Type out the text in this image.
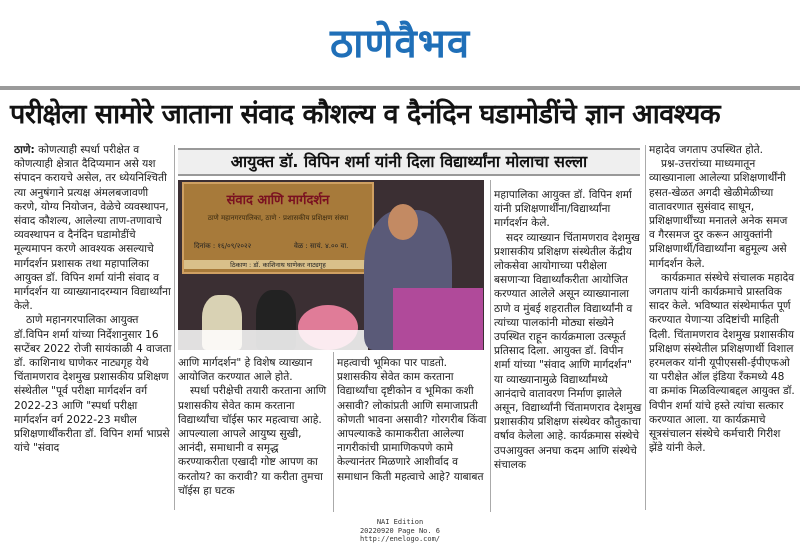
ठाणेवैभव
परीक्षेला सामोरे जाताना संवाद कौशल्य व दैनंदिन घडामोडींचे ज्ञान आवश्यक

ठाणे: कोणत्याही स्पर्धा परीक्षेत व कोणत्याही क्षेत्रात दैदिप्यमान असे यश संपादन करायचे असेल, तर ध्येयनिश्चिती त्या अनुषंगाने प्रत्यक्ष अंमलबजावणी करणे, योग्य नियोजन, वेळेचे व्यवस्थापन, संवाद कौशल्य, आलेल्या ताण-तणावाचे व्यवस्थापन व दैनंदिन घडामोडींचे मूल्यमापन करणे आवश्यक असल्याचे मार्गदर्शन प्रशासक तथा महापालिका आयुक्त डॉ. विपिन शर्मा यांनी संवाद व मार्गदर्शन या व्याख्यानादरम्यान विद्यार्थ्यांना केले.

ठाणे महानगरपालिका आयुक्त डॉ.विपिन शर्मा यांच्या निर्देशानुसार 16 सप्टेंबर 2022 रोजी सायंकाळी 4 वाजता डॉ. काशिनाथ घाणेकर नाट्यगृह येथे चिंतामणराव देशमुख प्रशासकीय प्रशिक्षण संस्थेतील "पूर्व परीक्षा मार्गदर्शन वर्ग 2022-23 आणि "स्पर्धा परीक्षा मार्गदर्शन वर्ग 2022-23 मधील प्रशिक्षणार्थींकरीता डॉ. विपिन शर्मा भाप्रसे यांचे "संवाद

आयुक्त डॉ. विपिन शर्मा यांनी दिला विद्यार्थ्यांना मोलाचा सल्ला
संवाद आणि मार्गदर्शन
ठाणे महानगरपालिका, ठाणे · प्रशासकीय प्रशिक्षण संस्था
दिनांक : १६/०९/२०२२	वेळ : सायं. ४.०० वा.
ठिकाण : डॉ. काशिनाथ घाणेकर नाट्यगृह

आणि मार्गदर्शन" हे विशेष व्याख्यान आयोजित करण्यात आले होते.

स्पर्धा परीक्षेची तयारी करताना आणि प्रशासकीय सेवेत काम करताना विद्यार्थ्यांचा चॉईस फार महत्वाचा आहे. आपल्याला आपले आयुष्य सुखी, आनंदी, समाधानी व समृद्ध करण्याकरीता एखादी गोष्ट आपण का करतोय? का करावी? या करीता तुमचा चॉईस हा घटक

महत्वाची भूमिका पार पाडतो. प्रशासकीय सेवेत काम करताना विद्यार्थ्यांचा दृष्टीकोन व भूमिका कशी असावी? लोकांप्रती आणि समाजाप्रती कोणती भावना असावी? गोरगरीब किंवा आपल्याकडे कामाकरीता आलेल्या नागरीकांची प्रामाणिकपणे कामे केल्यानंतर मिळणारे आशीर्वाद व समाधान किती महत्वाचे आहे? याबाबत

महापालिका आयुक्त डॉ. विपिन शर्मा यांनी प्रशिक्षणार्थींना/विद्यार्थ्यांना मार्गदर्शन केले.

सदर व्याख्यान चिंतामणराव देशमुख प्रशासकीय प्रशिक्षण संस्थेतील केंद्रीय लोकसेवा आयोगाच्या परीक्षेला बसणाऱ्या विद्यार्थ्यांकरीता आयोजित करण्यात आलेले असून व्याख्यानाला ठाणे व मुंबई शहरातील विद्यार्थ्यांनी व त्यांच्या पालकांनी मोठ्या संख्येने उपस्थित राहून कार्यक्रमाला उत्स्फूर्त प्रतिसाद दिला. आयुक्त डॉ. विपीन शर्मा यांच्या "संवाद आणि मार्गदर्शन" या व्याख्यानामुळे विद्यार्थ्यांमध्ये आनंदाचे वातावरण निर्माण झालेले असून, विद्यार्थ्यांनी चिंतामणराव देशमुख प्रशासकीय प्रशिक्षण संस्थेवर कौतुकाचा वर्षाव केलेला आहे. कार्यक्रमास संस्थेचे उपआयुक्त अनघा कदम आणि संस्थेचे संचालक

महादेव जगताप उपस्थित होते.

प्रश्न-उत्तरांच्या माध्यमातून व्याख्यानाला आलेल्या प्रशिक्षणार्थींनी हसत-खेळत अगदी खेळीमेळीच्या वातावरणात सुसंवाद साधून, प्रशिक्षणार्थींच्या मनातले अनेक समज व गैरसमज दुर करून आयुक्तांनी प्रशिक्षणार्थी/विद्यार्थ्यांना बहुमूल्य असे मार्गदर्शन केले.

कार्यक्रमात संस्थेचे संचालक महादेव जगताप यांनी कार्यक्रमाचे प्रास्तविक सादर केले. भविष्यात संस्थेमार्फत पूर्ण करण्यात येणाऱ्या उदिष्टांची माहिती दिली. चिंतामणराव देशमुख प्रशासकीय प्रशिक्षण संस्थेतील प्रशिक्षणार्थी विशाल हरमलकर यांनी यूपीएससी-ईपीएफओ या परीक्षेत ऑल इंडिया रँकमध्ये 48 वा क्रमांक मिळविल्याबद्दल आयुक्त डॉ. विपीन शर्मा यांचे हस्ते त्यांचा सत्कार करण्यात आला. या कार्यक्रमाचे सूत्रसंचालन संस्थेचे कर्मचारी गिरीश झेंडे यांनी केले.

NAI Edition
20220920 Page No. 6
http://enelogo.com/
